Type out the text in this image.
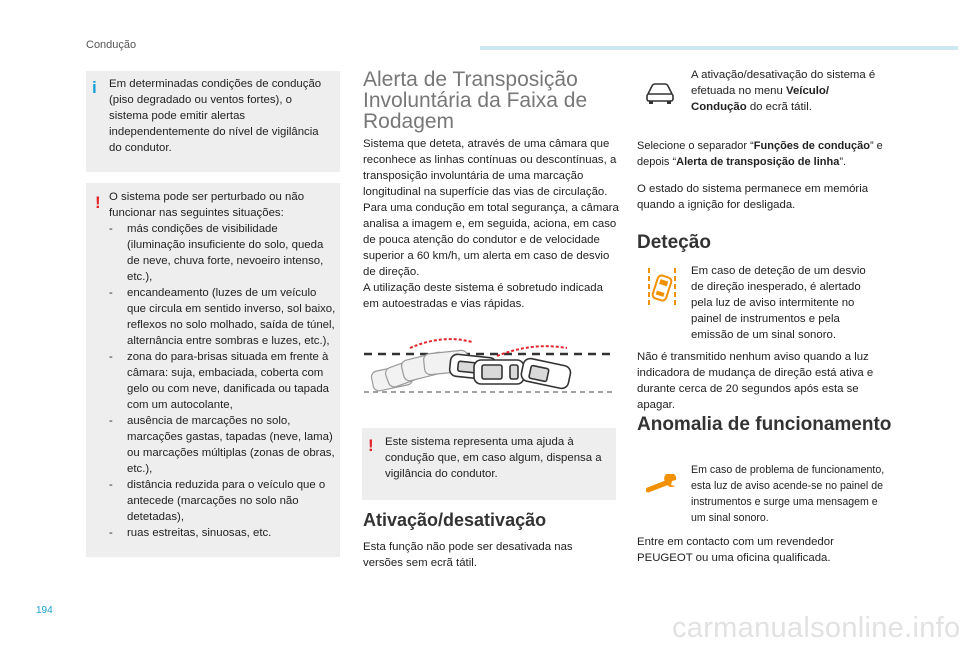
Condução
i Em determinadas condições de condução (piso degradado ou ventos fortes), o sistema pode emitir alertas independentemente do nível de vigilância do condutor.
! O sistema pode ser perturbado ou não funcionar nas seguintes situações:
- más condições de visibilidade (iluminação insuficiente do solo, queda de neve, chuva forte, nevoeiro intenso, etc.),
- encandeamento (luzes de um veículo que circula em sentido inverso, sol baixo, reflexos no solo molhado, saída de túnel, alternância entre sombras e luzes, etc.),
- zona do para-brisas situada em frente à câmara: suja, embaciada, coberta com gelo ou com neve, danificada ou tapada com um autocolante,
- ausência de marcações no solo, marcações gastas, tapadas (neve, lama) ou marcações múltiplas (zonas de obras, etc.),
- distância reduzida para o veículo que o antecede (marcações no solo não detetadas),
- ruas estreitas, sinuosas, etc.
Alerta de Transposição Involuntária da Faixa de Rodagem
Sistema que deteta, através de uma câmara que reconhece as linhas contínuas ou descontínuas, a transposição involuntária de uma marcação longitudinal na superfície das vias de circulação. Para uma condução em total segurança, a câmara analisa a imagem e, em seguida, aciona, em caso de pouca atenção do condutor e de velocidade superior a 60 km/h, um alerta em caso de desvio de direção.
A utilização deste sistema é sobretudo indicada em autoestradas e vias rápidas.
! Este sistema representa uma ajuda à condução que, em caso algum, dispensa a vigilância do condutor.
Ativação/desativação
Esta função não pode ser desativada nas versões sem ecrã tátil.
A ativação/desativação do sistema é efetuada no menu Veículo/ Condução do ecrã tátil.
Selecione o separador “Funções de condução” e depois “Alerta de transposição de linha”.
O estado do sistema permanece em memória quando a ignição for desligada.
Deteção
Em caso de deteção de um desvio de direção inesperado, é alertado pela luz de aviso intermitente no painel de instrumentos e pela emissão de um sinal sonoro.
Não é transmitido nenhum aviso quando a luz indicadora de mudança de direção está ativa e durante cerca de 20 segundos após esta se apagar.
Anomalia de funcionamento
Em caso de problema de funcionamento, esta luz de aviso acende-se no painel de instrumentos e surge uma mensagem e um sinal sonoro.
Entre em contacto com um revendedor PEUGEOT ou uma oficina qualificada.
194
carmanualsonline.info
